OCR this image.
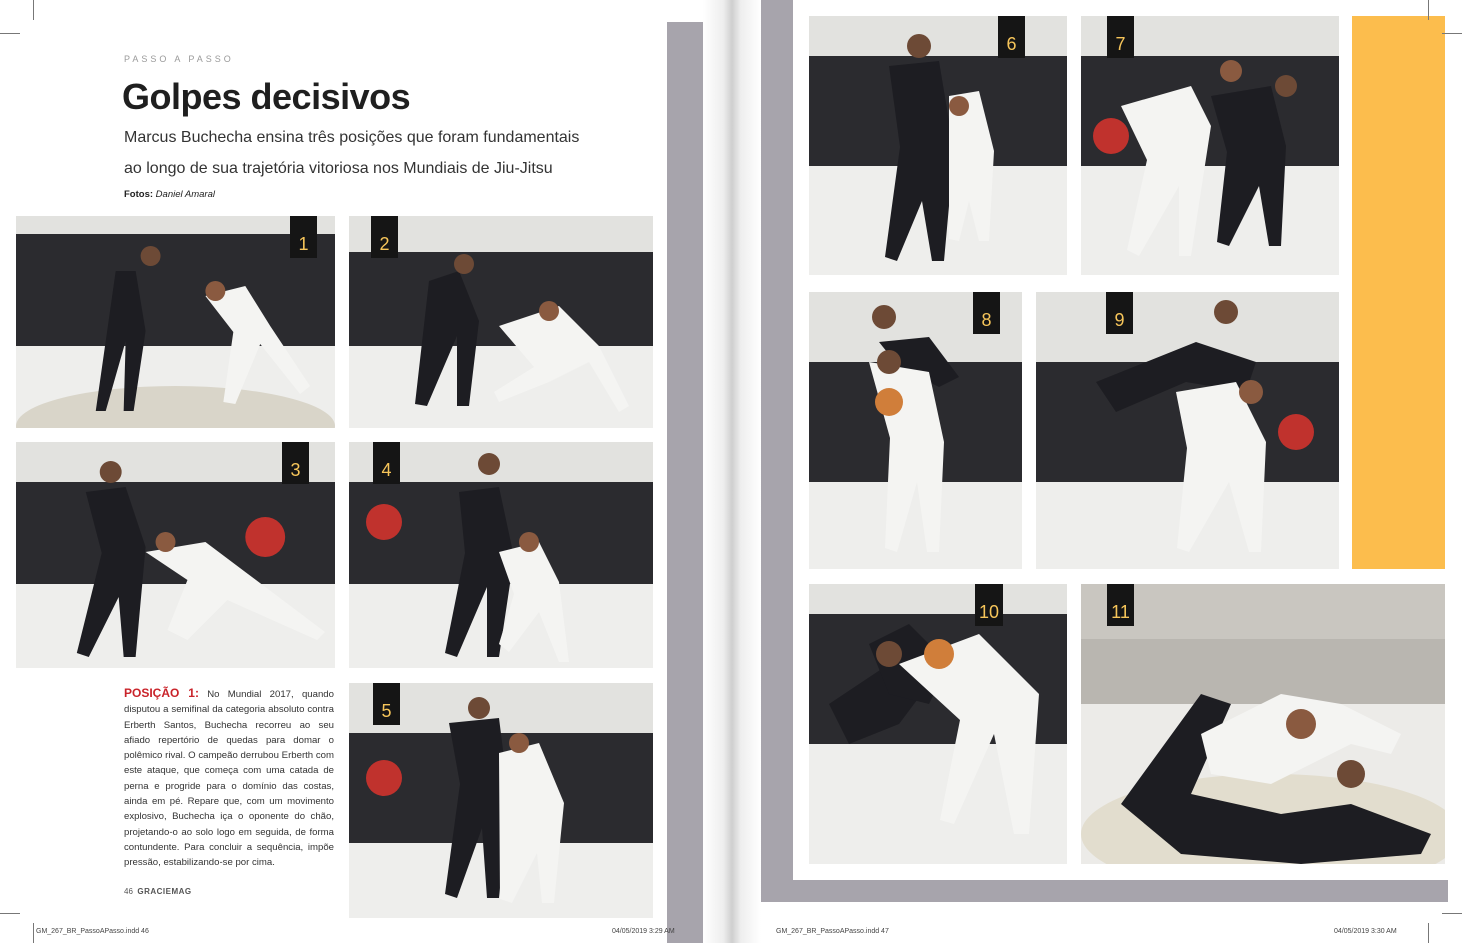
PASSO A PASSO
Golpes decisivos

Marcus Buchecha ensina três posições que foram fundamentais ao longo de sua trajetória vitoriosa nos Mundiais de Jiu-Jitsu

Fotos: Daniel Amaral
1	2
3	4
5
6	7
8	9
10	11

POSIÇÃO 1: No Mundial 2017, quando disputou a semifinal da categoria absoluto contra Erberth Santos, Buchecha recorreu ao seu afiado repertório de quedas para domar o polêmico rival. O campeão derrubou Erberth com este ataque, que começa com uma catada de perna e progride para o domínio das costas, ainda em pé. Repare que, com um movimento explosivo, Buchecha iça o oponente do chão, projetando-o ao solo logo em seguida, de forma contundente. Para concluir a sequência, impõe pressão, estabilizando-se por cima.

46 GRACIEMAG
GM_267_BR_PassoAPasso.indd 46	04/05/2019 3:29 AM	GM_267_BR_PassoAPasso.indd 47	04/05/2019 3:30 AM
